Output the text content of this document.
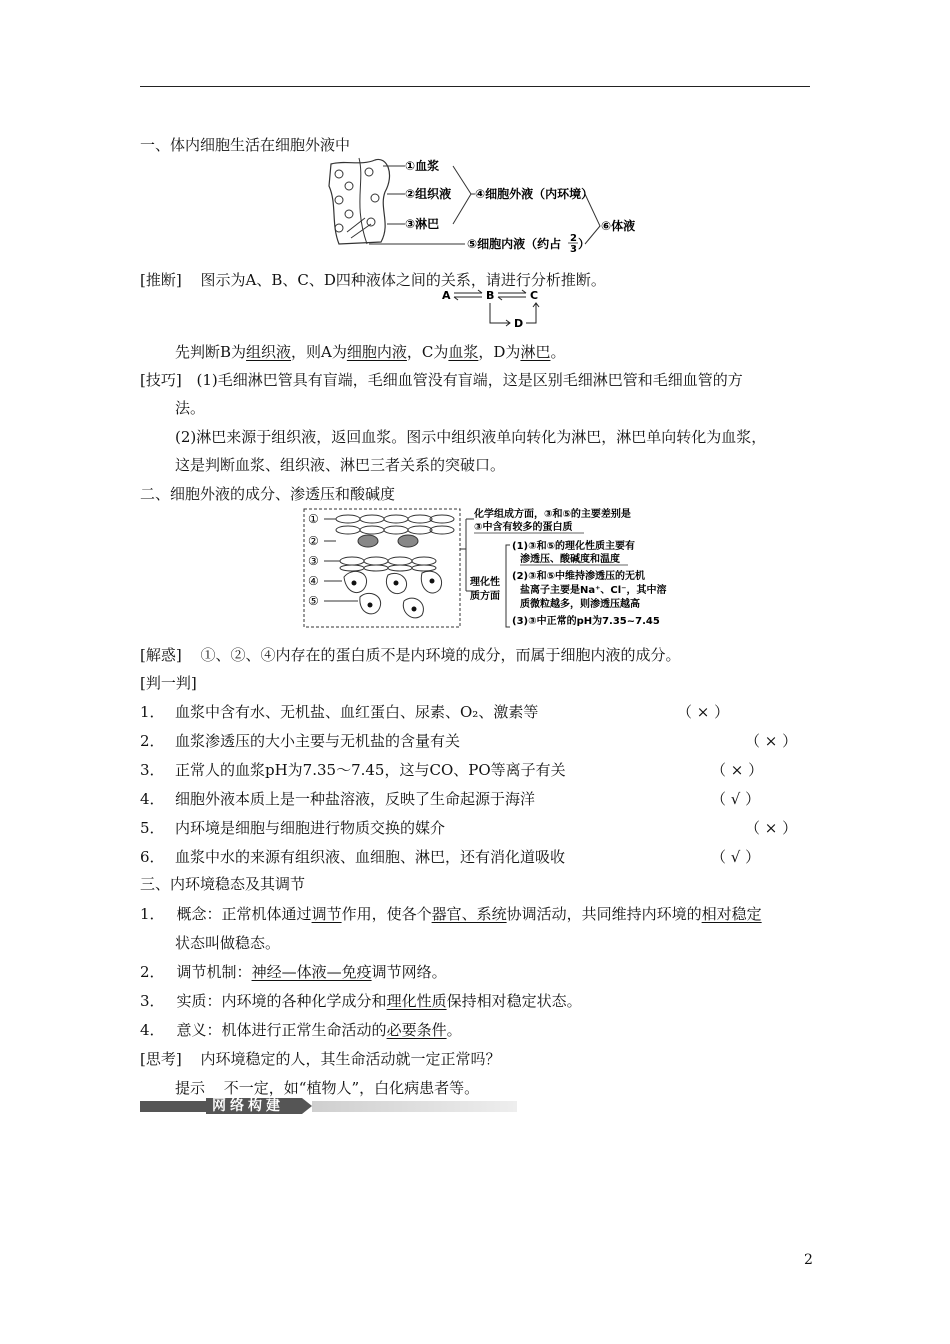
一、体内细胞生活在细胞外液中
①血浆
②组织液
③淋巴
④细胞外液（内环境）
⑤细胞内液（约占 2
3 ）
⑥体液
[推断] 图示为A、B、C、D四种液体之间的关系，请进行分析推断。
A	B	C
D
先判断B为组织液，则A为细胞内液，C为血浆，D为淋巴。
[技巧] (1)毛细淋巴管具有盲端，毛细血管没有盲端，这是区别毛细淋巴管和毛细血管的方
法。
(2)淋巴来源于组织液，返回血浆。图示中组织液单向转化为淋巴，淋巴单向转化为血浆，
这是判断血浆、组织液、淋巴三者关系的突破口。
二、细胞外液的成分、渗透压和酸碱度
①
②
③
④
⑤
化学组成方面，③和⑤的主要差别是
③中含有较多的蛋白质
理化性
质方面
(1)③和⑤的理化性质主要有
渗透压、酸碱度和温度
(2)③和⑤中维持渗透压的无机
盐离子主要是Na⁺、Cl⁻，其中溶
质微粒越多，则渗透压越高
(3)③中正常的pH为7.35~7.45
[解惑] ①、②、④内存在的蛋白质不是内环境的成分，而属于细胞内液的成分。
[判一判]
1． 血浆中含有水、无机盐、血红蛋白、尿素、O₂、激素等	（ × ）
2． 血浆渗透压的大小主要与无机盐的含量有关	（ × ）
3． 正常人的血浆pH为7.35～7.45，这与CO、PO等离子有关	（ × ）
4． 细胞外液本质上是一种盐溶液，反映了生命起源于海洋	（ √ ）
5． 内环境是细胞与细胞进行物质交换的媒介	（ × ）
6． 血浆中水的来源有组织液、血细胞、淋巴，还有消化道吸收	（ √ ）
三、内环境稳态及其调节
1． 概念：正常机体通过调节作用，使各个器官、系统协调活动，共同维持内环境的相对稳定
状态叫做稳态。
2． 调节机制：神经—体液—免疫调节网络。
3． 实质：内环境的各种化学成分和理化性质保持相对稳定状态。
4． 意义：机体进行正常生命活动的必要条件。
[思考] 内环境稳定的人，其生命活动就一定正常吗？
提示 不一定，如“植物人”，白化病患者等。
网络构建
2
